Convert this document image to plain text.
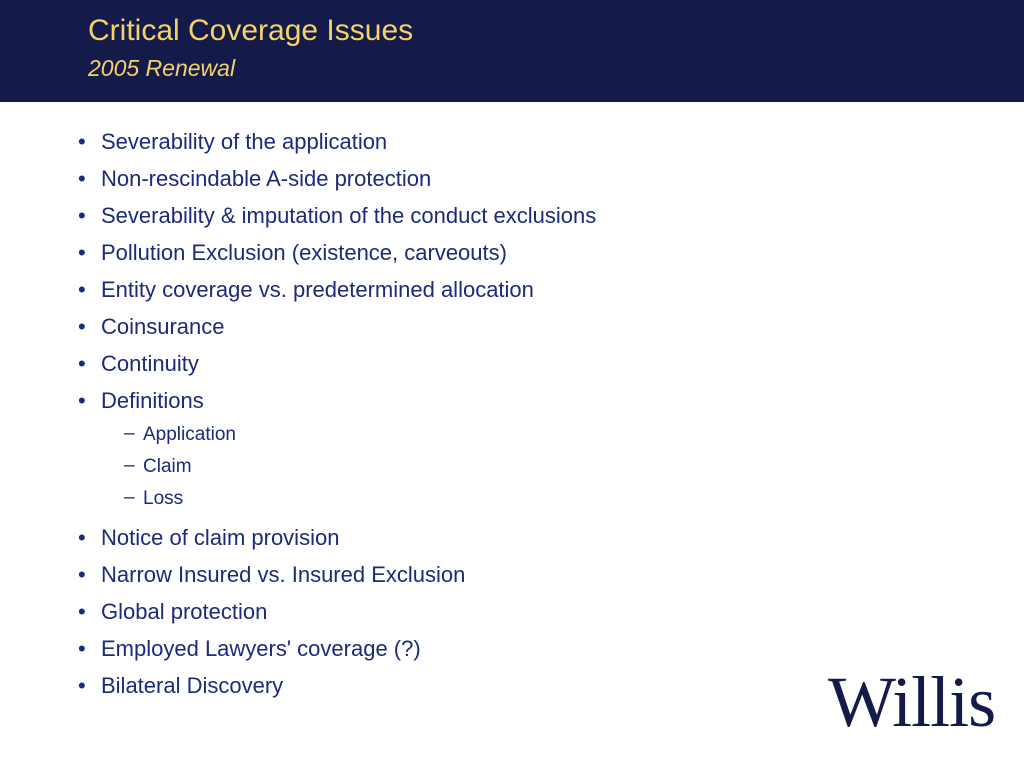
Critical Coverage Issues
2005 Renewal
• Severability of the application
• Non-rescindable A-side protection
• Severability & imputation of the conduct exclusions
• Pollution Exclusion (existence, carveouts)
• Entity coverage vs. predetermined allocation
• Coinsurance
• Continuity
• Definitions
– Application
– Claim
– Loss
• Notice of claim provision
• Narrow Insured vs. Insured Exclusion
• Global protection
• Employed Lawyers' coverage (?)
• Bilateral Discovery	Willis
